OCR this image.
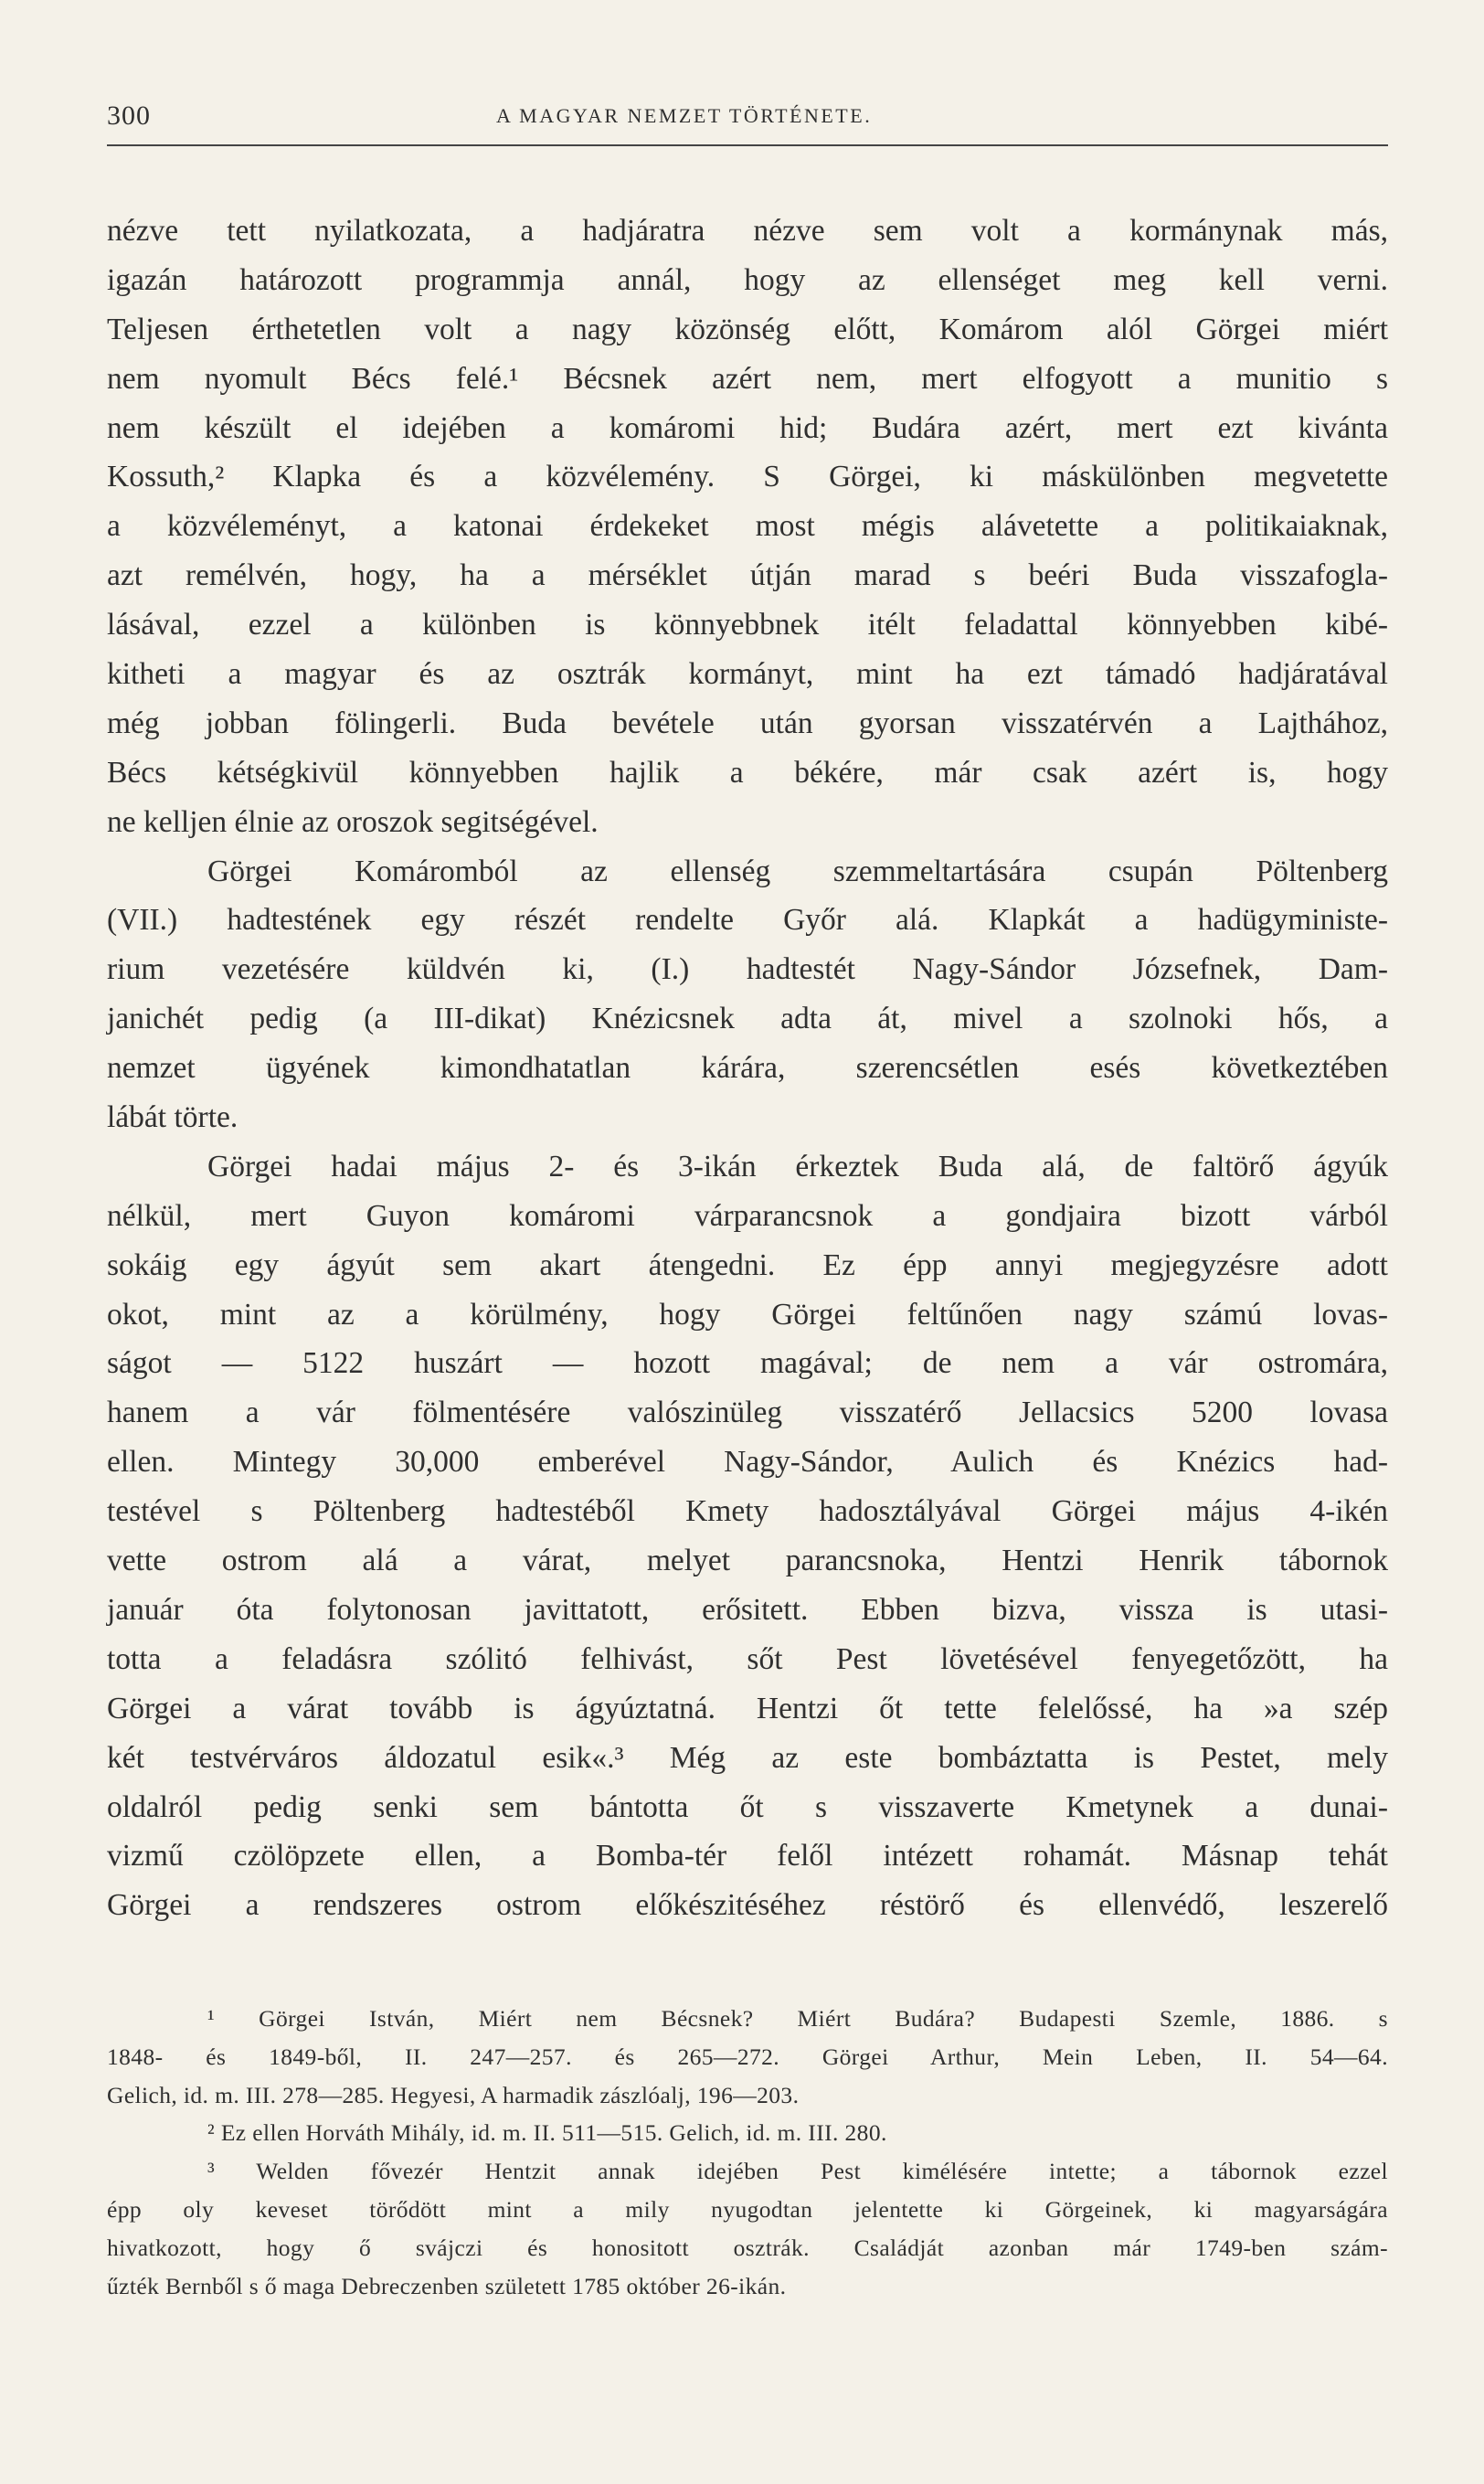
300	A MAGYAR NEMZET TÖRTÉNETE.
nézve tett nyilatkozata, a hadjáratra nézve sem volt a kormánynak más,
igazán határozott programmja annál, hogy az ellenséget meg kell verni.
Teljesen érthetetlen volt a nagy közönség előtt, Komárom alól Görgei miért
nem nyomult Bécs felé.¹ Bécsnek azért nem, mert elfogyott a munitio s
nem készült el idejében a komáromi hid; Budára azért, mert ezt kivánta
Kossuth,² Klapka és a közvélemény. S Görgei, ki máskülönben megvetette
a közvéleményt, a katonai érdekeket most mégis alávetette a politikaiaknak,
azt remélvén, hogy, ha a mérséklet útján marad s beéri Buda visszafogla-
lásával, ezzel a különben is könnyebbnek itélt feladattal könnyebben kibé-
kitheti a magyar és az osztrák kormányt, mint ha ezt támadó hadjáratával
még jobban fölingerli. Buda bevétele után gyorsan visszatérvén a Lajthához,
Bécs kétségkivül könnyebben hajlik a békére, már csak azért is, hogy
ne kelljen élnie az oroszok segitségével.
Görgei Komáromból az ellenség szemmeltartására csupán Pöltenberg
(VII.) hadtestének egy részét rendelte Győr alá. Klapkát a hadügyministe-
rium vezetésére küldvén ki, (I.) hadtestét Nagy-Sándor Józsefnek, Dam-
janichét pedig (a III-dikat) Knézicsnek adta át, mivel a szolnoki hős, a
nemzet ügyének kimondhatatlan kárára, szerencsétlen esés következtében
lábát törte.
Görgei hadai május 2- és 3-ikán érkeztek Buda alá, de faltörő ágyúk
nélkül, mert Guyon komáromi várparancsnok a gondjaira bizott várból
sokáig egy ágyút sem akart átengedni. Ez épp annyi megjegyzésre adott
okot, mint az a körülmény, hogy Görgei feltűnően nagy számú lovas-
ságot — 5122 huszárt — hozott magával; de nem a vár ostromára,
hanem a vár fölmentésére valószinüleg visszatérő Jellacsics 5200 lovasa
ellen. Mintegy 30,000 emberével Nagy-Sándor, Aulich és Knézics had-
testével s Pöltenberg hadtestéből Kmety hadosztályával Görgei május 4-ikén
vette ostrom alá a várat, melyet parancsnoka, Hentzi Henrik tábornok
január óta folytonosan javittatott, erősitett. Ebben bizva, vissza is utasi-
totta a feladásra szólitó felhivást, sőt Pest lövetésével fenyegetőzött, ha
Görgei a várat tovább is ágyúztatná. Hentzi őt tette felelőssé, ha »a szép
két testvérváros áldozatul esik«.³ Még az este bombáztatta is Pestet, mely
oldalról pedig senki sem bántotta őt s visszaverte Kmetynek a dunai-
vizmű czölöpzete ellen, a Bomba-tér felől intézett rohamát. Másnap tehát
Görgei a rendszeres ostrom előkészitéséhez réstörő és ellenvédő, leszerelő
¹ Görgei István, Miért nem Bécsnek? Miért Budára? Budapesti Szemle, 1886. s
1848- és 1849-ből, II. 247—257. és 265—272. Görgei Arthur, Mein Leben, II. 54—64.
Gelich, id. m. III. 278—285. Hegyesi, A harmadik zászlóalj, 196—203.
² Ez ellen Horváth Mihály, id. m. II. 511—515. Gelich, id. m. III. 280.
³ Welden fővezér Hentzit annak idejében Pest kimélésére intette; a tábornok ezzel
épp oly keveset törődött mint a mily nyugodtan jelentette ki Görgeinek, ki magyarságára
hivatkozott, hogy ő svájczi és honositott osztrák. Családját azonban már 1749-ben szám-
űzték Bernből s ő maga Debreczenben született 1785 október 26-ikán.
